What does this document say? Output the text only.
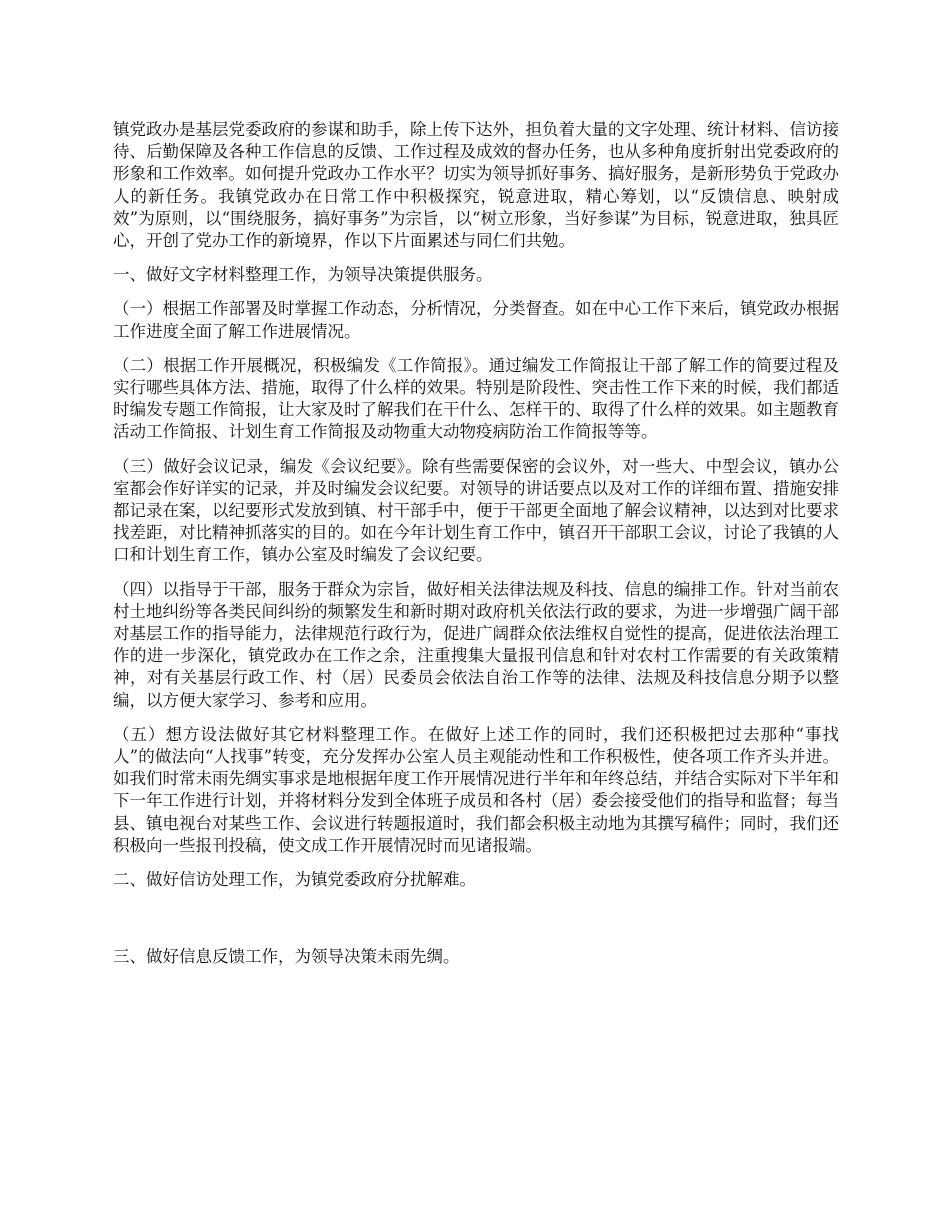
镇党政办是基层党委政府的参谋和助手，除上传下达外，担负着大量的文字处理、统计材料、信访接待、后勤保障及各种工作信息的反馈、工作过程及成效的督办任务，也从多种角度折射出党委政府的形象和工作效率。如何提升党政办工作水平？切实为领导抓好事务、搞好服务，是新形势负于党政办人的新任务。我镇党政办在日常工作中积极探究，锐意进取，精心筹划，以“反馈信息、映射成效”为原则，以“围绕服务，搞好事务”为宗旨，以“树立形象，当好参谋”为目标，锐意进取，独具匠心，开创了党办工作的新境界，作以下片面累述与同仁们共勉。

一、做好文字材料整理工作，为领导决策提供服务。

（一）根据工作部署及时掌握工作动态，分析情况，分类督查。如在中心工作下来后，镇党政办根据工作进度全面了解工作进展情况。

（二）根据工作开展概况，积极编发《工作简报》。通过编发工作简报让干部了解工作的简要过程及实行哪些具体方法、措施，取得了什么样的效果。特别是阶段性、突击性工作下来的时候，我们都适时编发专题工作简报，让大家及时了解我们在干什么、怎样干的、取得了什么样的效果。如主题教育活动工作简报、计划生育工作简报及动物重大动物疫病防治工作简报等等。

（三）做好会议记录，编发《会议纪要》。除有些需要保密的会议外，对一些大、中型会议，镇办公室都会作好详实的记录，并及时编发会议纪要。对领导的讲话要点以及对工作的详细布置、措施安排都记录在案，以纪要形式发放到镇、村干部手中，便于干部更全面地了解会议精神，以达到对比要求找差距，对比精神抓落实的目的。如在今年计划生育工作中，镇召开干部职工会议，讨论了我镇的人口和计划生育工作，镇办公室及时编发了会议纪要。

（四）以指导于干部，服务于群众为宗旨，做好相关法律法规及科技、信息的编排工作。针对当前农村土地纠纷等各类民间纠纷的频繁发生和新时期对政府机关依法行政的要求，为进一步增强广阔干部对基层工作的指导能力，法律规范行政行为，促进广阔群众依法维权自觉性的提高，促进依法治理工作的进一步深化，镇党政办在工作之余，注重搜集大量报刊信息和针对农村工作需要的有关政策精神，对有关基层行政工作、村（居）民委员会依法自治工作等的法律、法规及科技信息分期予以整编，以方便大家学习、参考和应用。

（五）想方设法做好其它材料整理工作。在做好上述工作的同时，我们还积极把过去那种“事找人”的做法向“人找事”转变，充分发挥办公室人员主观能动性和工作积极性，使各项工作齐头并进。如我们时常未雨先绸实事求是地根据年度工作开展情况进行半年和年终总结，并结合实际对下半年和下一年工作进行计划，并将材料分发到全体班子成员和各村（居）委会接受他们的指导和监督；每当县、镇电视台对某些工作、会议进行转题报道时，我们都会积极主动地为其撰写稿件；同时，我们还积极向一些报刊投稿，使文成工作开展情况时而见诸报端。

二、做好信访处理工作，为镇党委政府分扰解难。

三、做好信息反馈工作，为领导决策未雨先绸。
